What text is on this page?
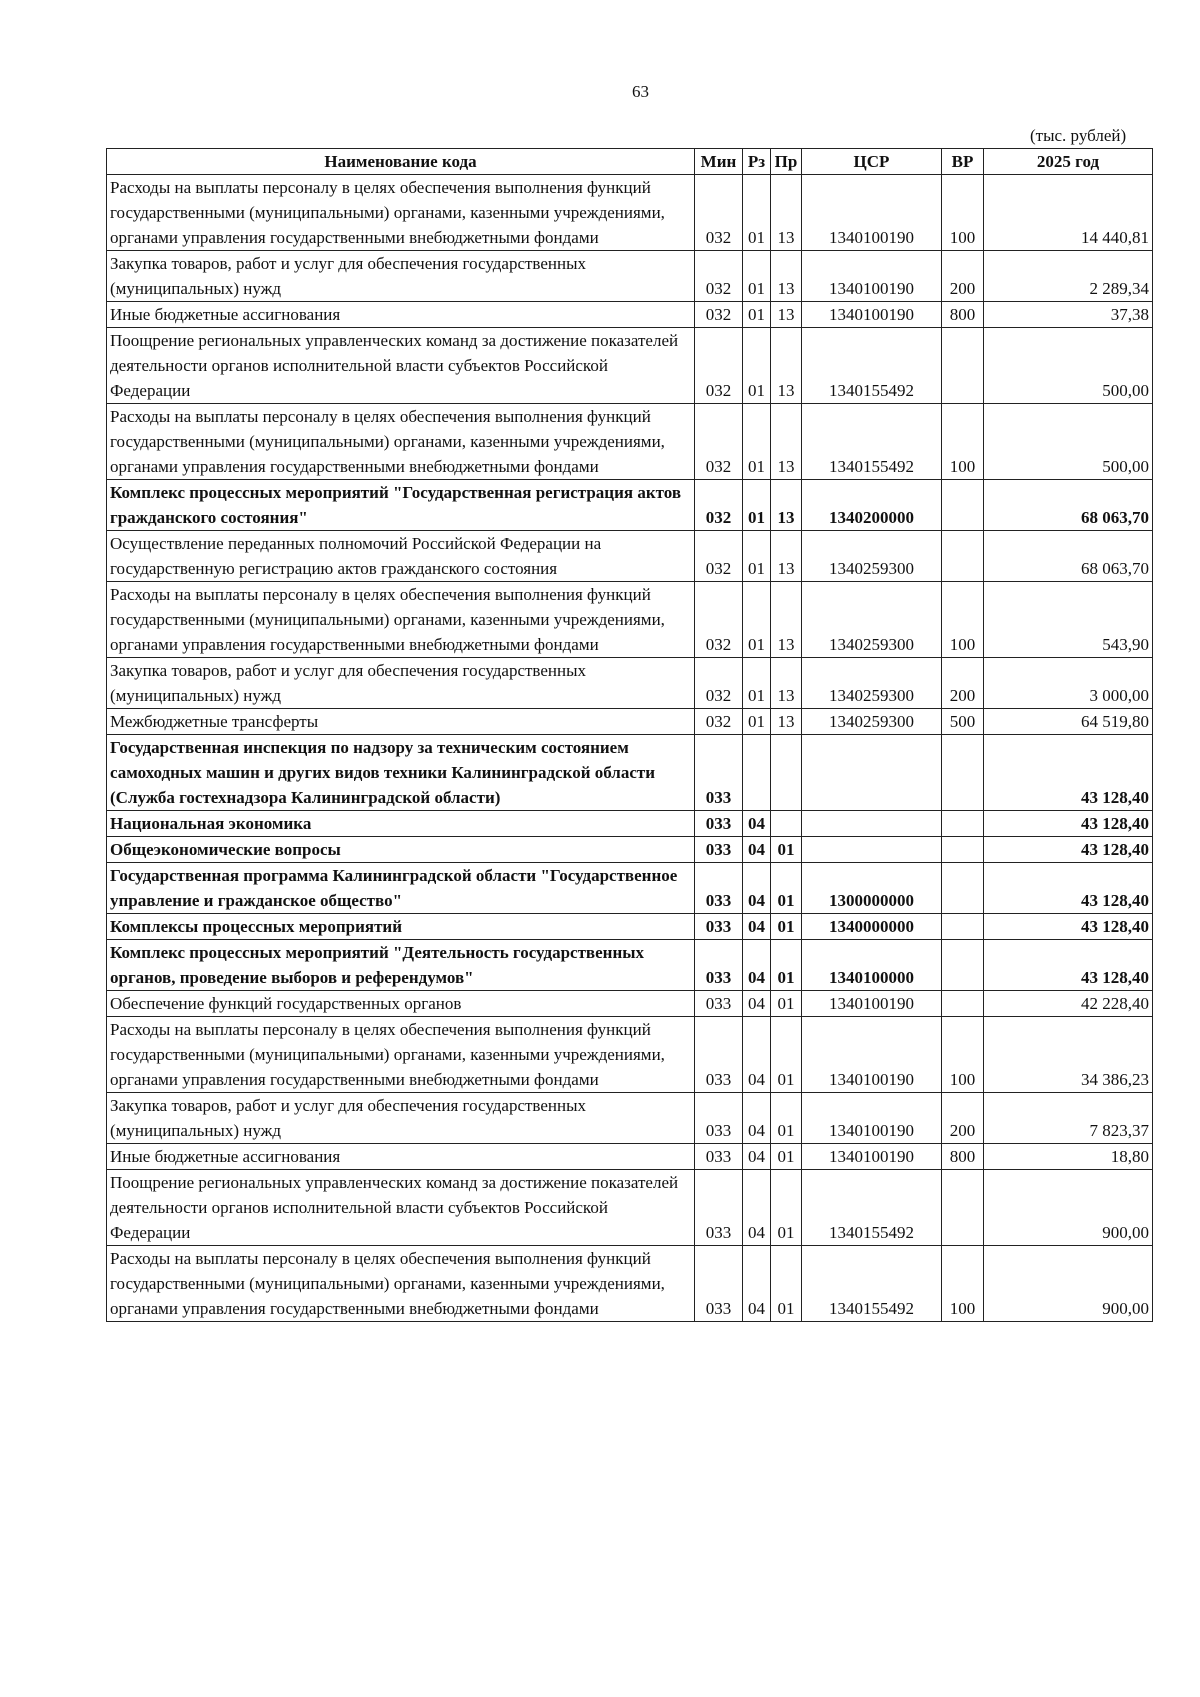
63
(тыс. рублей)
Наименование кода	Мин	Рз	Пр	ЦСР	ВР	2025 год
Расходы на выплаты персоналу в целях обеспечения выполнения функций государственными (муниципальными) органами, казенными учреждениями, органами управления государственными внебюджетными фондами	032	01	13	1340100190	100	14 440,81
Закупка товаров, работ и услуг для обеспечения государственных (муниципальных) нужд	032	01	13	1340100190	200	2 289,34
Иные бюджетные ассигнования	032	01	13	1340100190	800	37,38
Поощрение региональных управленческих команд за достижение показателей деятельности органов исполнительной власти субъектов Российской Федерации	032	01	13	1340155492		500,00
Расходы на выплаты персоналу в целях обеспечения выполнения функций государственными (муниципальными) органами, казенными учреждениями, органами управления государственными внебюджетными фондами	032	01	13	1340155492	100	500,00
Комплекс процессных мероприятий "Государственная регистрация актов гражданского состояния"	032	01	13	1340200000		68 063,70
Осуществление переданных полномочий Российской Федерации на государственную регистрацию актов гражданского состояния	032	01	13	1340259300		68 063,70
Расходы на выплаты персоналу в целях обеспечения выполнения функций государственными (муниципальными) органами, казенными учреждениями, органами управления государственными внебюджетными фондами	032	01	13	1340259300	100	543,90
Закупка товаров, работ и услуг для обеспечения государственных (муниципальных) нужд	032	01	13	1340259300	200	3 000,00
Межбюджетные трансферты	032	01	13	1340259300	500	64 519,80
Государственная инспекция по надзору за техническим состоянием самоходных машин и других видов техники Калининградской области (Служба гостехнадзора Калининградской области)	033					43 128,40
Национальная экономика	033	04				43 128,40
Общеэкономические вопросы	033	04	01			43 128,40
Государственная программа Калининградской области "Государственное управление и гражданское общество"	033	04	01	1300000000		43 128,40
Комплексы процессных мероприятий	033	04	01	1340000000		43 128,40
Комплекс процессных мероприятий "Деятельность государственных органов, проведение выборов и референдумов"	033	04	01	1340100000		43 128,40
Обеспечение функций государственных органов	033	04	01	1340100190		42 228,40
Расходы на выплаты персоналу в целях обеспечения выполнения функций государственными (муниципальными) органами, казенными учреждениями, органами управления государственными внебюджетными фондами	033	04	01	1340100190	100	34 386,23
Закупка товаров, работ и услуг для обеспечения государственных (муниципальных) нужд	033	04	01	1340100190	200	7 823,37
Иные бюджетные ассигнования	033	04	01	1340100190	800	18,80
Поощрение региональных управленческих команд за достижение показателей деятельности органов исполнительной власти субъектов Российской Федерации	033	04	01	1340155492		900,00
Расходы на выплаты персоналу в целях обеспечения выполнения функций государственными (муниципальными) органами, казенными учреждениями, органами управления государственными внебюджетными фондами	033	04	01	1340155492	100	900,00
